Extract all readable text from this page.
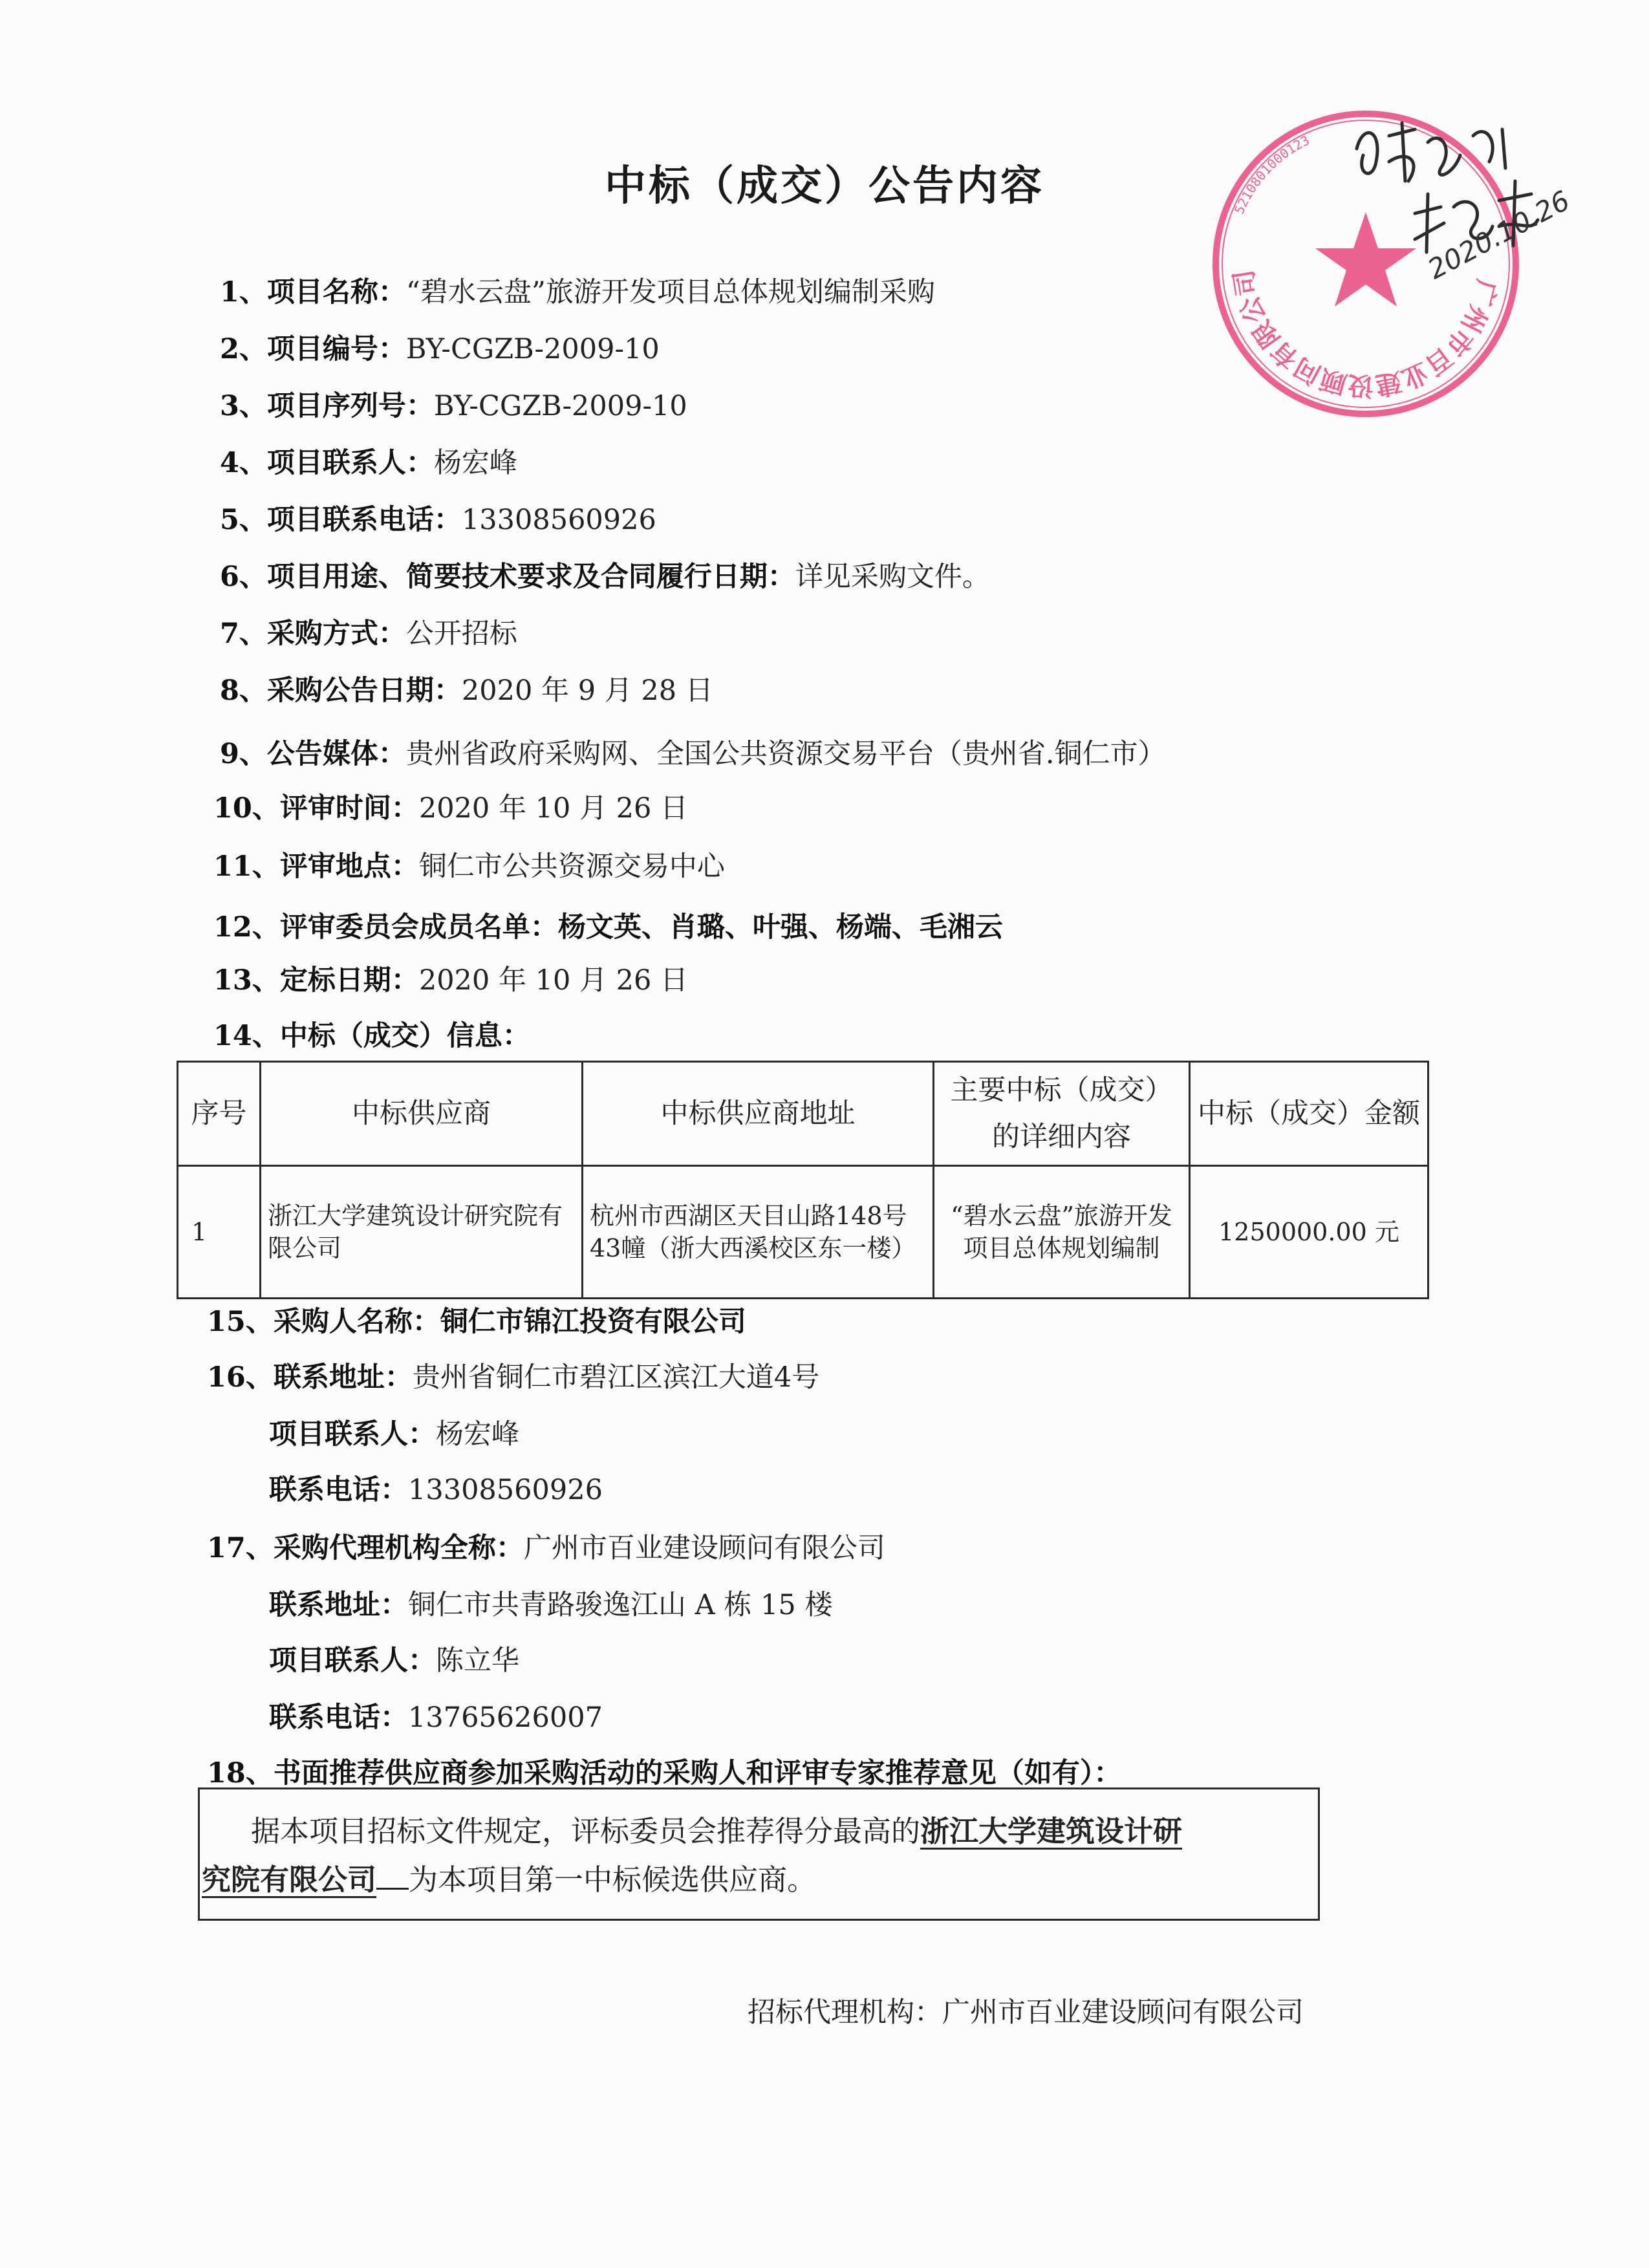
中标（成交）公告内容
1、项目名称：“碧水云盘”旅游开发项目总体规划编制采购
2、项目编号：BY-CGZB-2009-10
3、项目序列号：BY-CGZB-2009-10
4、项目联系人：杨宏峰
5、项目联系电话：13308560926
6、项目用途、简要技术要求及合同履行日期：详见采购文件。
7、采购方式：公开招标
8、采购公告日期：2020 年 9 月 28 日
9、公告媒体：贵州省政府采购网、全国公共资源交易平台（贵州省.铜仁市）
10、评审时间：2020 年 10 月 26 日
11、评审地点：铜仁市公共资源交易中心
12、评审委员会成员名单：杨文英、肖璐、叶强、杨端、毛湘云
13、定标日期：2020 年 10 月 26 日
14、中标（成交）信息：
序号	中标供应商	中标供应商地址	主要中标（成交）的详细内容	中标（成交）金额
1	浙江大学建筑设计研究院有限公司	杭州市西湖区天目山路148号43幢（浙大西溪校区东一楼）	“碧水云盘”旅游开发项目总体规划编制	1250000.00 元
15、采购人名称：铜仁市锦江投资有限公司
16、联系地址：贵州省铜仁市碧江区滨江大道4号
项目联系人：杨宏峰
联系电话：13308560926
17、采购代理机构全称：广州市百业建设顾问有限公司
联系地址：铜仁市共青路骏逸江山 A 栋 15 楼
项目联系人：陈立华
联系电话：13765626007
18、书面推荐供应商参加采购活动的采购人和评审专家推荐意见（如有）：
据本项目招标文件规定，评标委员会推荐得分最高的浙江大学建筑设计研
究院有限公司 为本项目第一中标候选供应商。
招标代理机构：广州市百业建设顾问有限公司
广州市百业建设顾问有限公司
5210801000123
2020.10.26
